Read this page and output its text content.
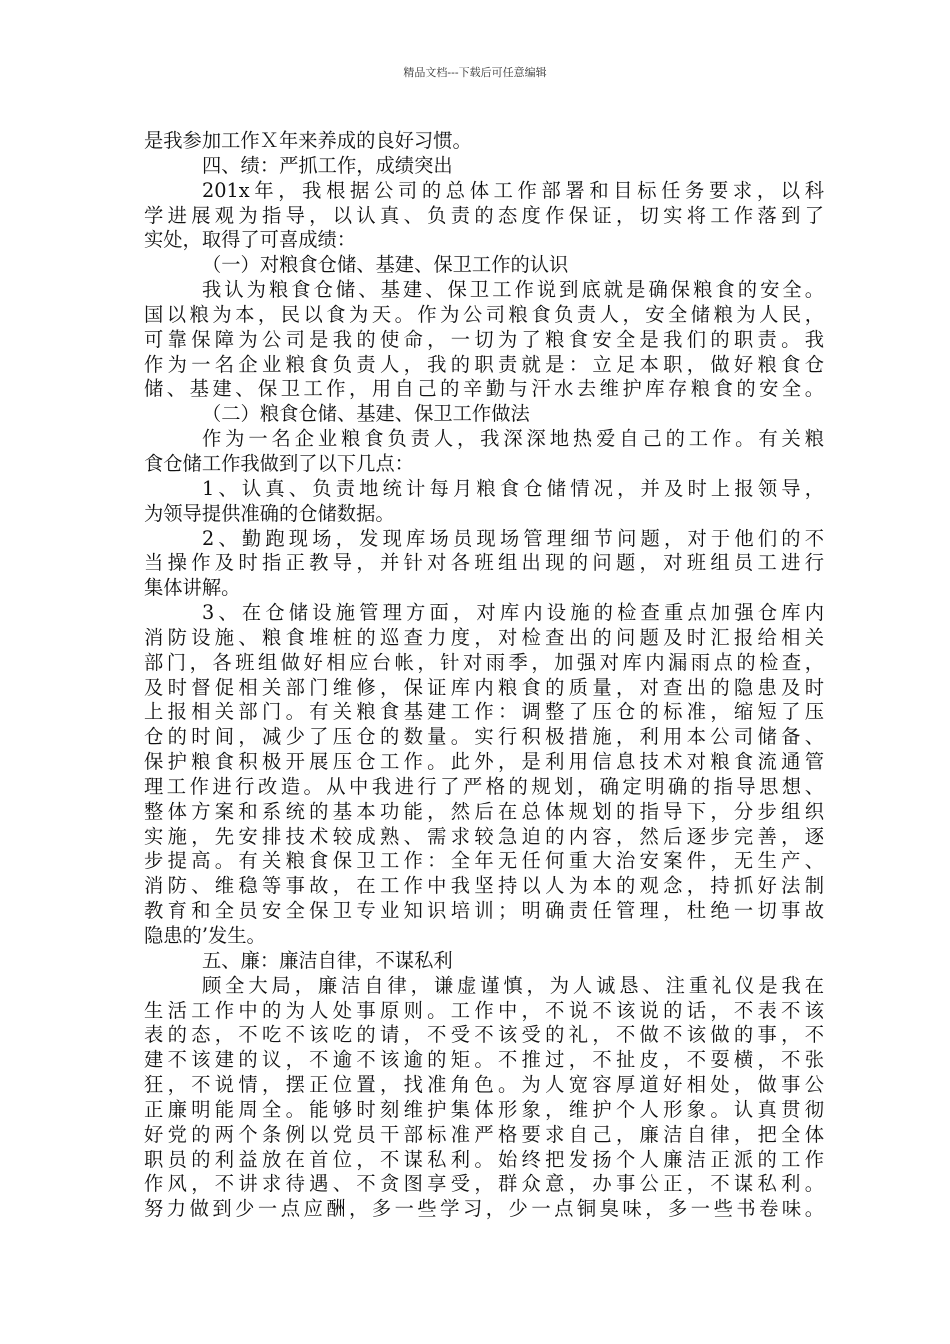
精品文档---下载后可任意编辑
是我参加工作Ｘ年来养成的良好习惯。
四、绩：严抓工作，成绩突出
201x年，我根据公司的总体工作部署和目标任务要求，以科
学进展观为指导，以认真、负责的态度作保证，切实将工作落到了
实处，取得了可喜成绩：
（一）对粮食仓储、基建、保卫工作的认识
我认为粮食仓储、基建、保卫工作说到底就是确保粮食的安全。
国以粮为本，民以食为天。作为公司粮食负责人，安全储粮为人民，
可靠保障为公司是我的使命，一切为了粮食安全是我们的职责。我
作为一名企业粮食负责人，我的职责就是：立足本职，做好粮食仓
储、基建、保卫工作，用自己的辛勤与汗水去维护库存粮食的安全。
（二）粮食仓储、基建、保卫工作做法
作为一名企业粮食负责人，我深深地热爱自己的工作。有关粮
食仓储工作我做到了以下几点：
1、认真、负责地统计每月粮食仓储情况，并及时上报领导，
为领导提供准确的仓储数据。
2、勤跑现场，发现库场员现场管理细节问题，对于他们的不
当操作及时指正教导，并针对各班组出现的问题，对班组员工进行
集体讲解。
3、在仓储设施管理方面，对库内设施的检查重点加强仓库内
消防设施、粮食堆桩的巡查力度，对检查出的问题及时汇报给相关
部门，各班组做好相应台帐，针对雨季，加强对库内漏雨点的检查，
及时督促相关部门维修，保证库内粮食的质量，对查出的隐患及时
上报相关部门。有关粮食基建工作：调整了压仓的标准，缩短了压
仓的时间，减少了压仓的数量。实行积极措施，利用本公司储备、
保护粮食积极开展压仓工作。此外，是利用信息技术对粮食流通管
理工作进行改造。从中我进行了严格的规划，确定明确的指导思想、
整体方案和系统的基本功能，然后在总体规划的指导下，分步组织
实施，先安排技术较成熟、需求较急迫的内容，然后逐步完善，逐
步提高。有关粮食保卫工作：全年无任何重大治安案件，无生产、
消防、维稳等事故，在工作中我坚持以人为本的观念，持抓好法制
教育和全员安全保卫专业知识培训；明确责任管理，杜绝一切事故
隐患的’发生。
五、廉：廉洁自律，不谋私利
顾全大局，廉洁自律，谦虚谨慎，为人诚恳、注重礼仪是我在
生活工作中的为人处事原则。工作中，不说不该说的话，不表不该
表的态，不吃不该吃的请，不受不该受的礼，不做不该做的事，不
建不该建的议，不逾不该逾的矩。不推过，不扯皮，不耍横，不张
狂，不说情，摆正位置，找准角色。为人宽容厚道好相处，做事公
正廉明能周全。能够时刻维护集体形象，维护个人形象。认真贯彻
好党的两个条例以党员干部标准严格要求自己，廉洁自律，把全体
职员的利益放在首位，不谋私利。始终把发扬个人廉洁正派的工作
作风，不讲求待遇、不贪图享受，群众意，办事公正，不谋私利。
努力做到少一点应酬，多一些学习，少一点铜臭味，多一些书卷味。
